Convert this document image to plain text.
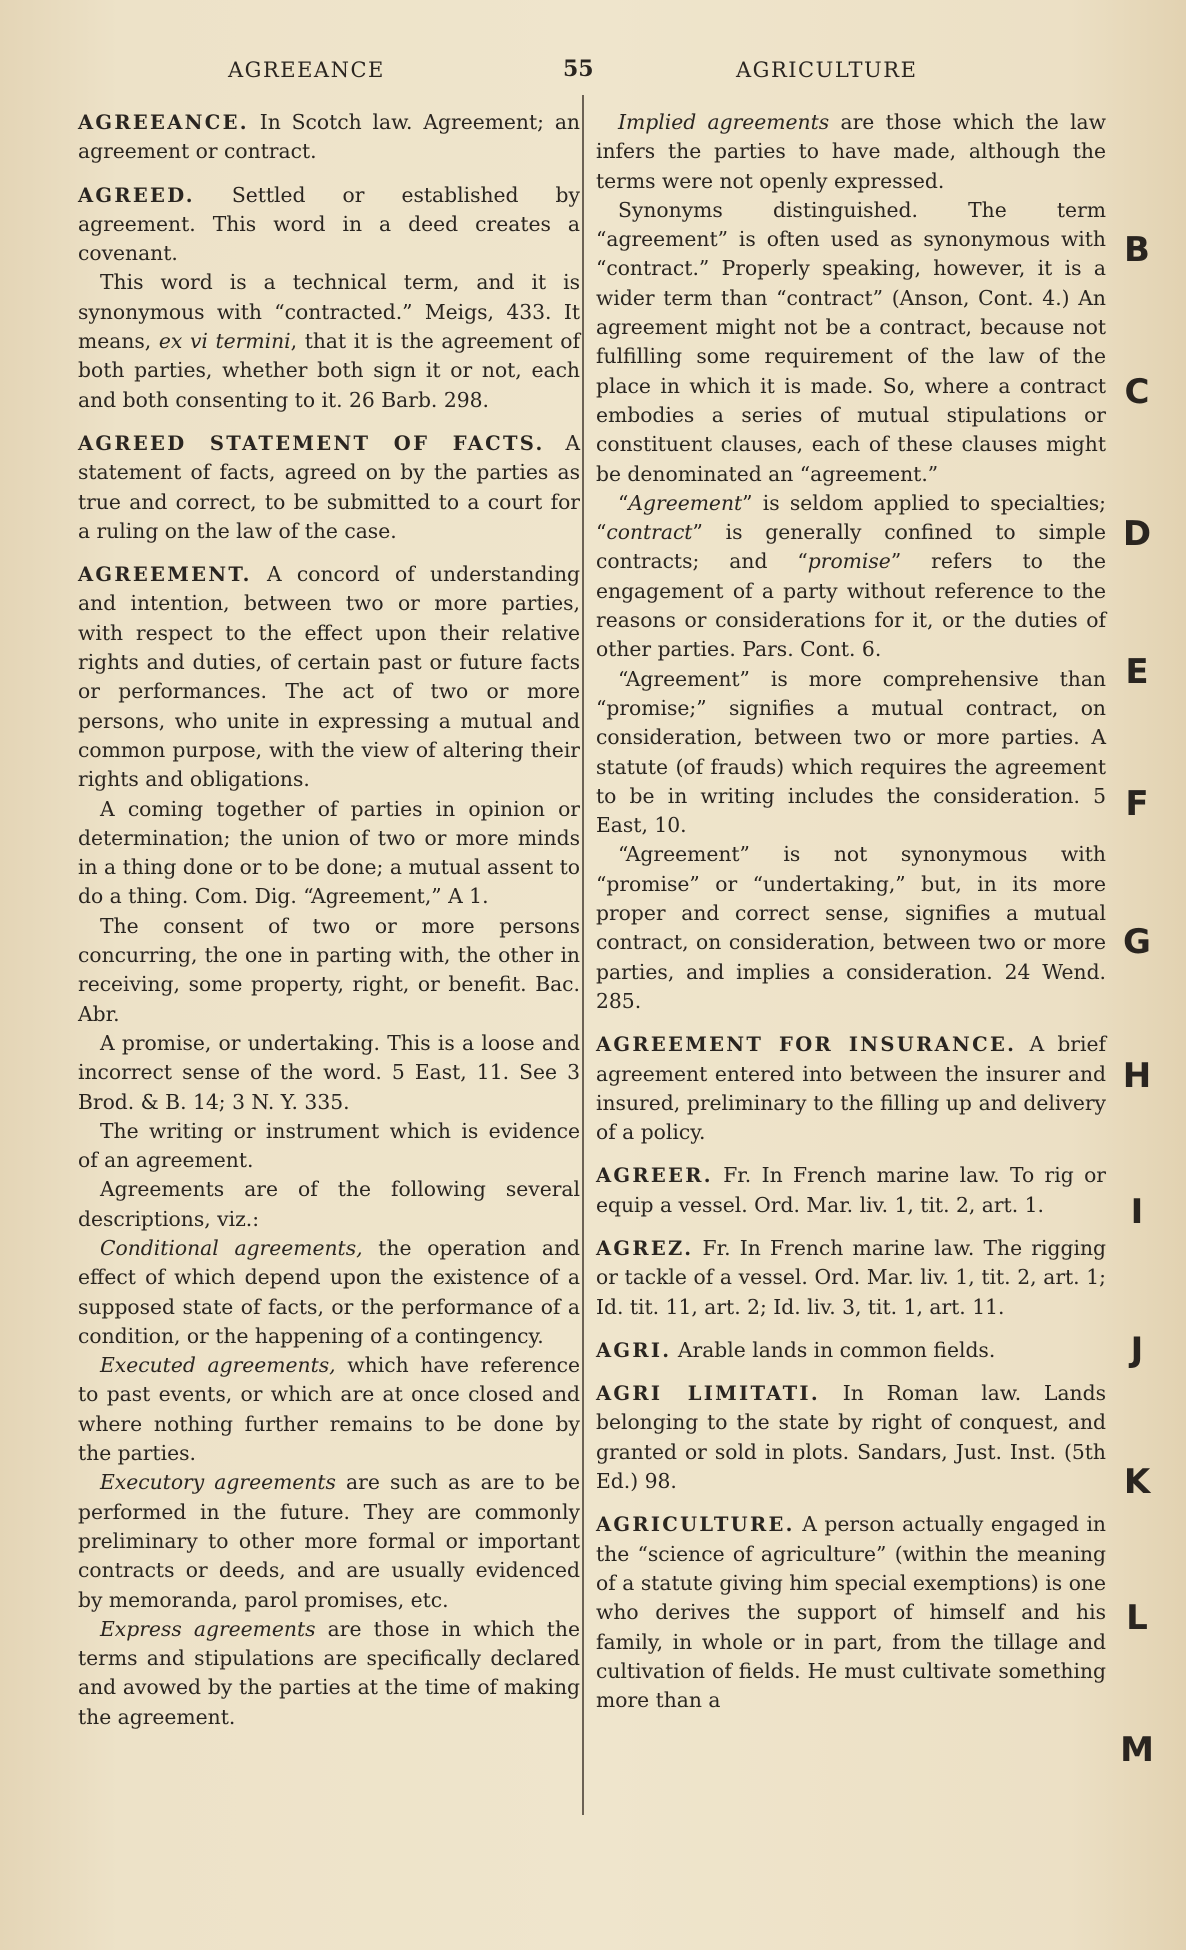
AGREEANCE	55	AGRICULTURE

AGREEANCE. In Scotch law. Agreement; an agreement or contract.

AGREED. Settled or established by agreement. This word in a deed creates a covenant.

This word is a technical term, and it is synonymous with “contracted.” Meigs, 433. It means, ex vi termini, that it is the agreement of both parties, whether both sign it or not, each and both consenting to it. 26 Barb. 298.

AGREED STATEMENT OF FACTS. A statement of facts, agreed on by the parties as true and correct, to be submitted to a court for a ruling on the law of the case.

AGREEMENT. A concord of understanding and intention, between two or more parties, with respect to the effect upon their relative rights and duties, of certain past or future facts or performances. The act of two or more persons, who unite in expressing a mutual and common purpose, with the view of altering their rights and obligations.

A coming together of parties in opinion or determination; the union of two or more minds in a thing done or to be done; a mutual assent to do a thing. Com. Dig. “Agreement,” A 1.

The consent of two or more persons concurring, the one in parting with, the other in receiving, some property, right, or benefit. Bac. Abr.

A promise, or undertaking. This is a loose and incorrect sense of the word. 5 East, 11. See 3 Brod. & B. 14; 3 N. Y. 335.

The writing or instrument which is evidence of an agreement.

Agreements are of the following several descriptions, viz.:

Conditional agreements, the operation and effect of which depend upon the existence of a supposed state of facts, or the performance of a condition, or the happening of a contingency.

Executed agreements, which have reference to past events, or which are at once closed and where nothing further remains to be done by the parties.

Executory agreements are such as are to be performed in the future. They are commonly preliminary to other more formal or important contracts or deeds, and are usually evidenced by memoranda, parol promises, etc.

Express agreements are those in which the terms and stipulations are specifically declared and avowed by the parties at the time of making the agreement.

Implied agreements are those which the law infers the parties to have made, although the terms were not openly expressed.

Synonyms distinguished. The term “agreement” is often used as synonymous with “contract.” Properly speaking, however, it is a wider term than “contract” (Anson, Cont. 4.) An agreement might not be a contract, because not fulfilling some requirement of the law of the place in which it is made. So, where a contract embodies a series of mutual stipulations or constituent clauses, each of these clauses might be denominated an “agreement.”

“Agreement” is seldom applied to specialties; “contract” is generally confined to simple contracts; and “promise” refers to the engagement of a party without reference to the reasons or considerations for it, or the duties of other parties. Pars. Cont. 6.

“Agreement” is more comprehensive than “promise;” signifies a mutual contract, on consideration, between two or more parties. A statute (of frauds) which requires the agreement to be in writing includes the consideration. 5 East, 10.

“Agreement” is not synonymous with “promise” or “undertaking,” but, in its more proper and correct sense, signifies a mutual contract, on consideration, between two or more parties, and implies a consideration. 24 Wend. 285.

AGREEMENT FOR INSURANCE. A brief agreement entered into between the insurer and insured, preliminary to the filling up and delivery of a policy.

AGREER. Fr. In French marine law. To rig or equip a vessel. Ord. Mar. liv. 1, tit. 2, art. 1.

AGREZ. Fr. In French marine law. The rigging or tackle of a vessel. Ord. Mar. liv. 1, tit. 2, art. 1; Id. tit. 11, art. 2; Id. liv. 3, tit. 1, art. 11.

AGRI. Arable lands in common fields.

AGRI LIMITATI. In Roman law. Lands belonging to the state by right of conquest, and granted or sold in plots. Sandars, Just. Inst. (5th Ed.) 98.

AGRICULTURE. A person actually engaged in the “science of agriculture” (within the meaning of a statute giving him special exemptions) is one who derives the support of himself and his family, in whole or in part, from the tillage and cultivation of fields. He must cultivate something more than a

B
C
D
E
F
G
H
I
J
K
L
M
